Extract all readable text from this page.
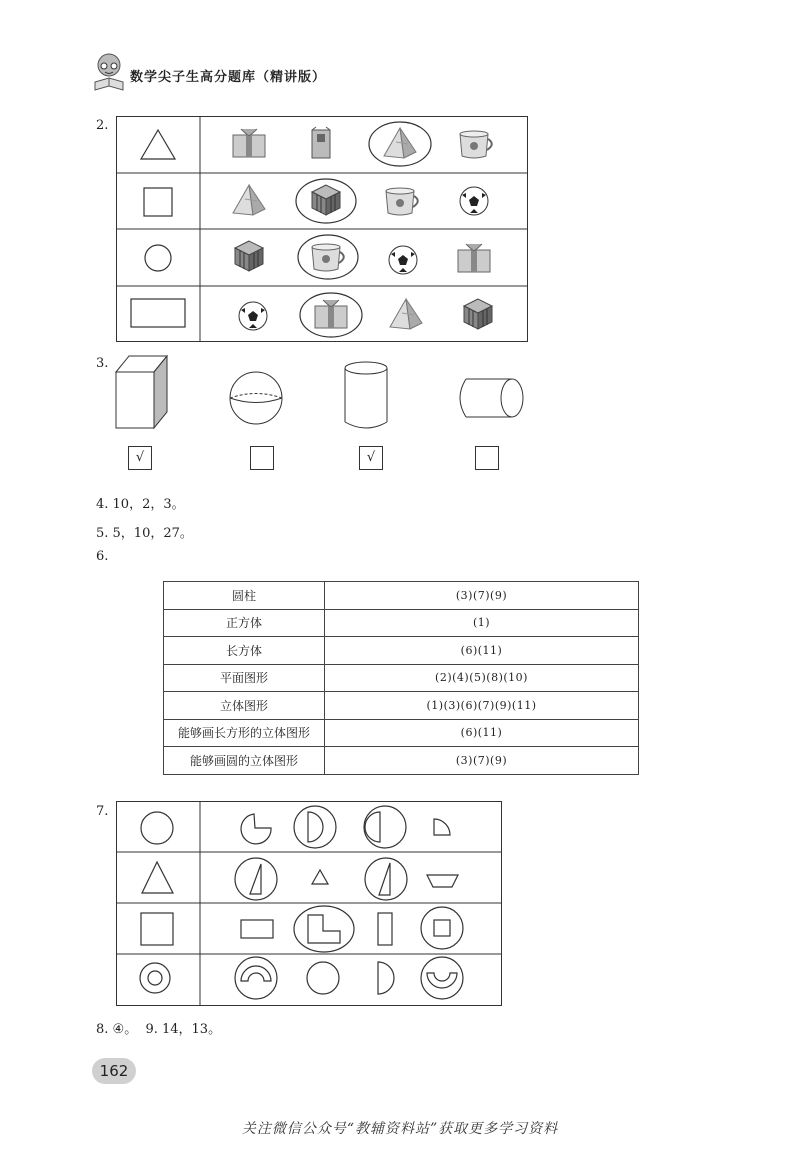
数学尖子生高分题库（精讲版）
2.
3.
√	√
4. 10，2，3。
5. 5，10，27。
6.
圆柱	(3)(7)(9)
正方体	(1)
长方体	(6)(11)
平面图形	(2)(4)(5)(8)(10)
立体图形	(1)(3)(6)(7)(9)(11)
能够画长方形的立体图形	(6)(11)
能够画圆的立体图形	(3)(7)(9)
7.
8. ④。  9. 14，13。
162
关注微信公众号“教辅资料站”获取更多学习资料
